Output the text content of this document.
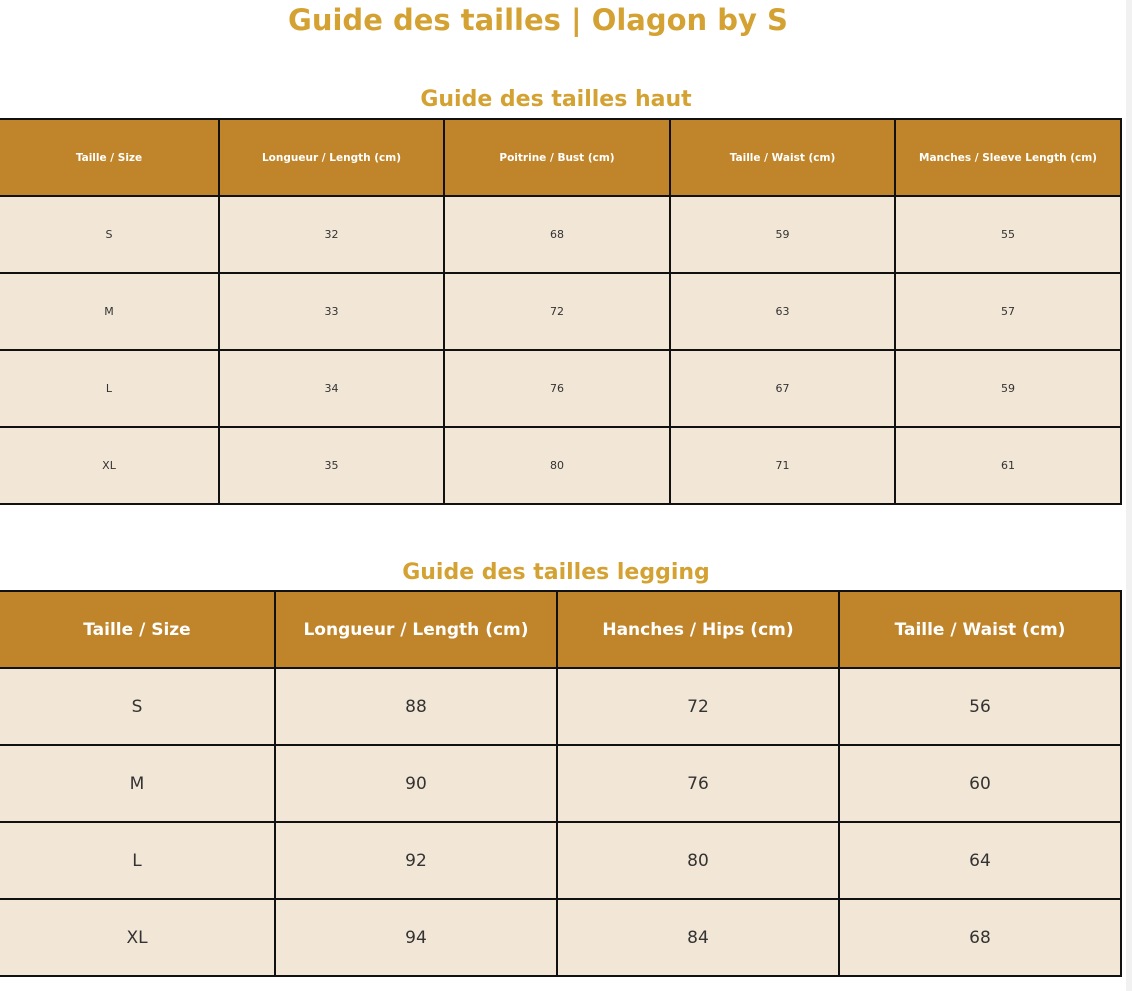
Guide des tailles | Olagon by S
Guide des tailles haut
Taille / Size	Longueur / Length (cm)	Poitrine / Bust (cm)	Taille / Waist (cm)	Manches / Sleeve Length (cm)
S	32	68	59	55
M	33	72	63	57
L	34	76	67	59
XL	35	80	71	61
Guide des tailles legging
Taille / Size	Longueur / Length (cm)	Hanches / Hips (cm)	Taille / Waist (cm)
S	88	72	56
M	90	76	60
L	92	80	64
XL	94	84	68
